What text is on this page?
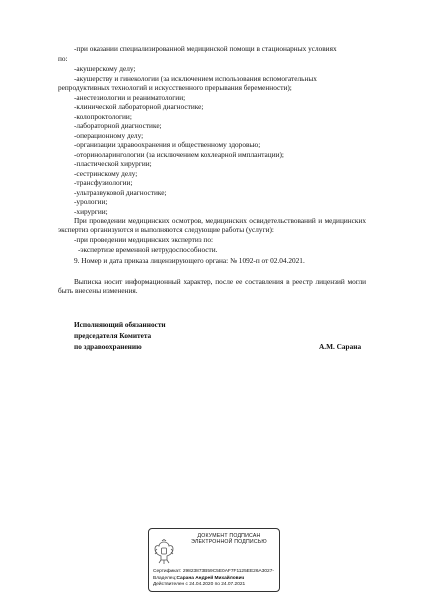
-при оказании специализированной медицинской помощи в стационарных условиях
по:
-акушерскому делу;
-акушерству и гинекологии (за исключением использования вспомогательных
репродуктивных технологий и искусственного прерывания беременности);
-анестезиологии и реаниматологии;
-клинической лабораторной диагностике;
-колопроктологии;
-лабораторной диагностике;
-операционному делу;
-организации здравоохранения и общественному здоровью;
-оториноларингологии (за исключением кохлеарной имплантации);
-пластической хирургии;
-сестринскому делу;
-трансфузиологии;
-ультразвуковой диагностике;
-урологии;
-хирургии;
При проведении медицинских осмотров, медицинских освидетельствований и медицинских экспертиз организуются и выполняются следующие работы (услуги):
-при проведении медицинских экспертиз по:
-экспертизе временной нетрудоспособности.
9. Номер и дата приказа лицензирующего органа: № 1092-п от 02.04.2021.
Выписка носит информационный характер, после ее составления в реестр лицензий могли быть внесены изменения.
Исполняющий обязанности
председателя Комитета
по здравоохранению	А.М. Сарана
ДОКУМЕНТ ПОДПИСАН
ЭЛЕКТРОННОЙ ПОДПИСЬЮ
Сертификат: 29823873B59C5E0AF7F1125EE26A3027-
Владелец:Сарана Андрей Михайлович
Действителен с 24.04.2020 по 24.07.2021
